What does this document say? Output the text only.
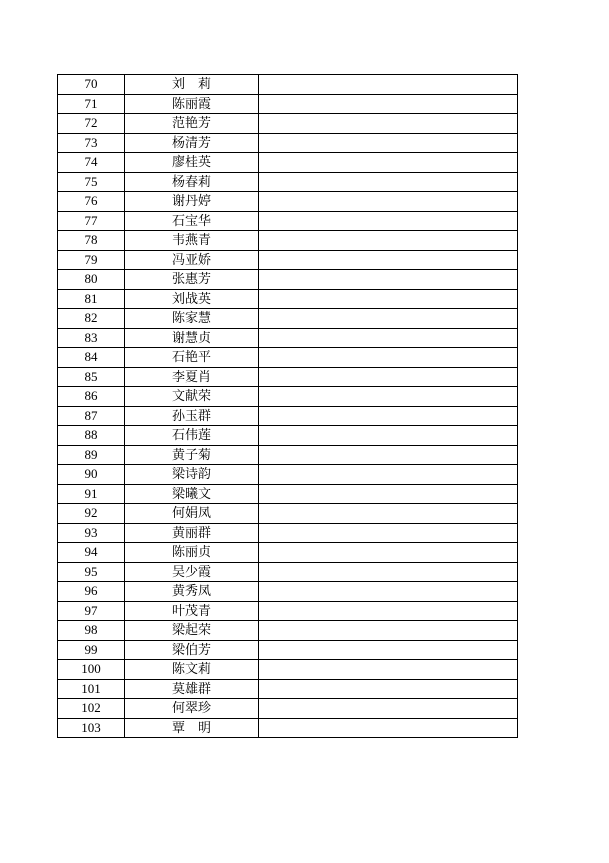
70	刘　莉	
71	陈丽霞	
72	范艳芳	
73	杨清芳	
74	廖桂英	
75	杨春莉	
76	谢丹婷	
77	石宝华	
78	韦燕青	
79	冯亚娇	
80	张惠芳	
81	刘战英	
82	陈家慧	
83	谢慧贞	
84	石艳平	
85	李夏肖	
86	文献荣	
87	孙玉群	
88	石伟莲	
89	黄子菊	
90	梁诗韵	
91	梁曦文	
92	何娟凤	
93	黄丽群	
94	陈丽贞	
95	吴少霞	
96	黄秀凤	
97	叶茂青	
98	梁起荣	
99	梁伯芳	
100	陈文莉	
101	莫雄群	
102	何翠珍	
103	覃　明	
